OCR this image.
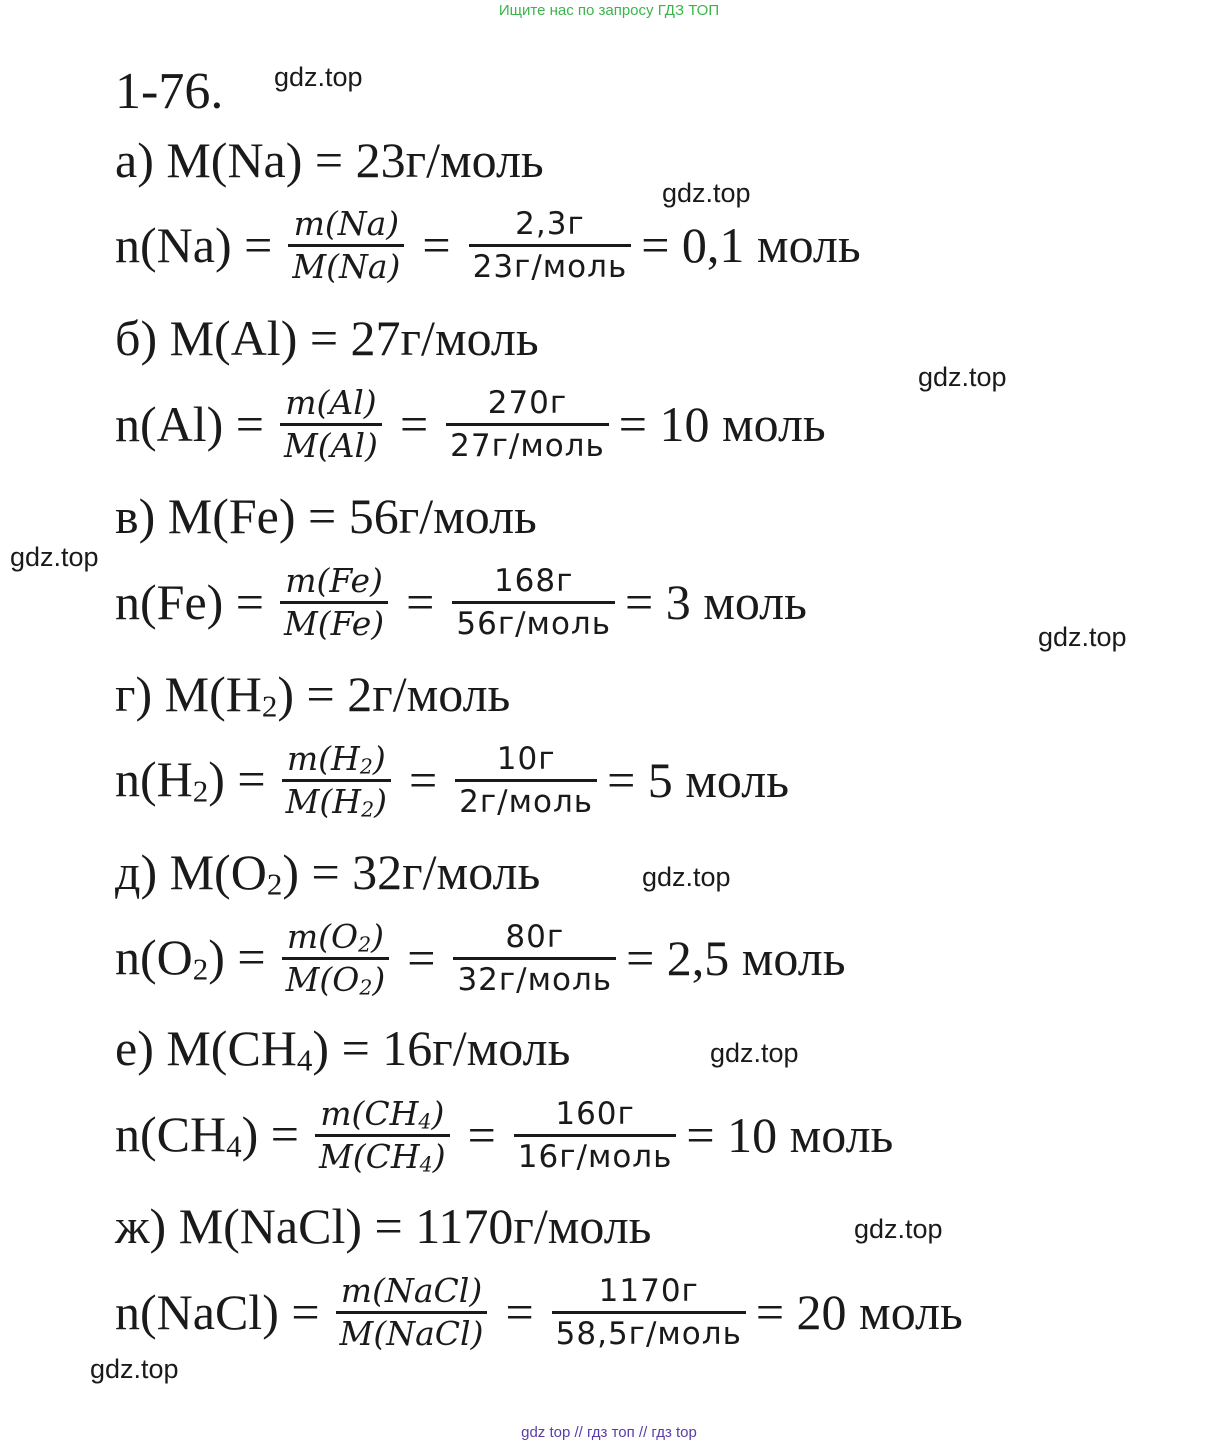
Ищите нас по запросу ГДЗ ТОП
1-76.
а) M(Na) = 23г/моль
$n(Na) = \frac{m(Na)}{M(Na)} = \frac{2,3г}{\text{23г/моль}} = 0,1$ моль
б) M(Al) = 27г/моль
$n(Al) = \frac{m(Al)}{M(Al)} = \frac{270г}{\text{27г/моль}} = 10$ моль
в) M(Fe) = 56г/моль
$n(Fe) = \frac{m(Fe)}{M(Fe)} = \frac{168г}{\text{56г/моль}} = 3$ моль
г) $M(H_2)$ = 2г/моль
$n(H_2) = \frac{m(H_2)}{M(H_2)} = \frac{10г}{\text{2г/моль}} = 5$ моль
д) $M(O_2)$ = 32г/моль
$n(O_2) = \frac{m(O_2)}{M(O_2)} = \frac{80г}{\text{32г/моль}} = 2,5$ моль
е) $M(CH_4)$ = 16г/моль
$n(CH_4) = \frac{m(CH_4)}{M(CH_4)} = \frac{160г}{\text{16г/моль}} = 10$ моль
ж) M(NaCl) = 1170г/моль
n(NaCl) = $\frac{\text{m(NaCl)}}{\text{M(NaCl)}} = \frac{1170г}{\text{58,5г/моль}} = 20$ моль
gdz.top
gdz.top
gdz.top
gdz.top
gdz.top
gdz.top
gdz.top
gdz.top
gdz.top
gdz top // гдз топ // гдз top
